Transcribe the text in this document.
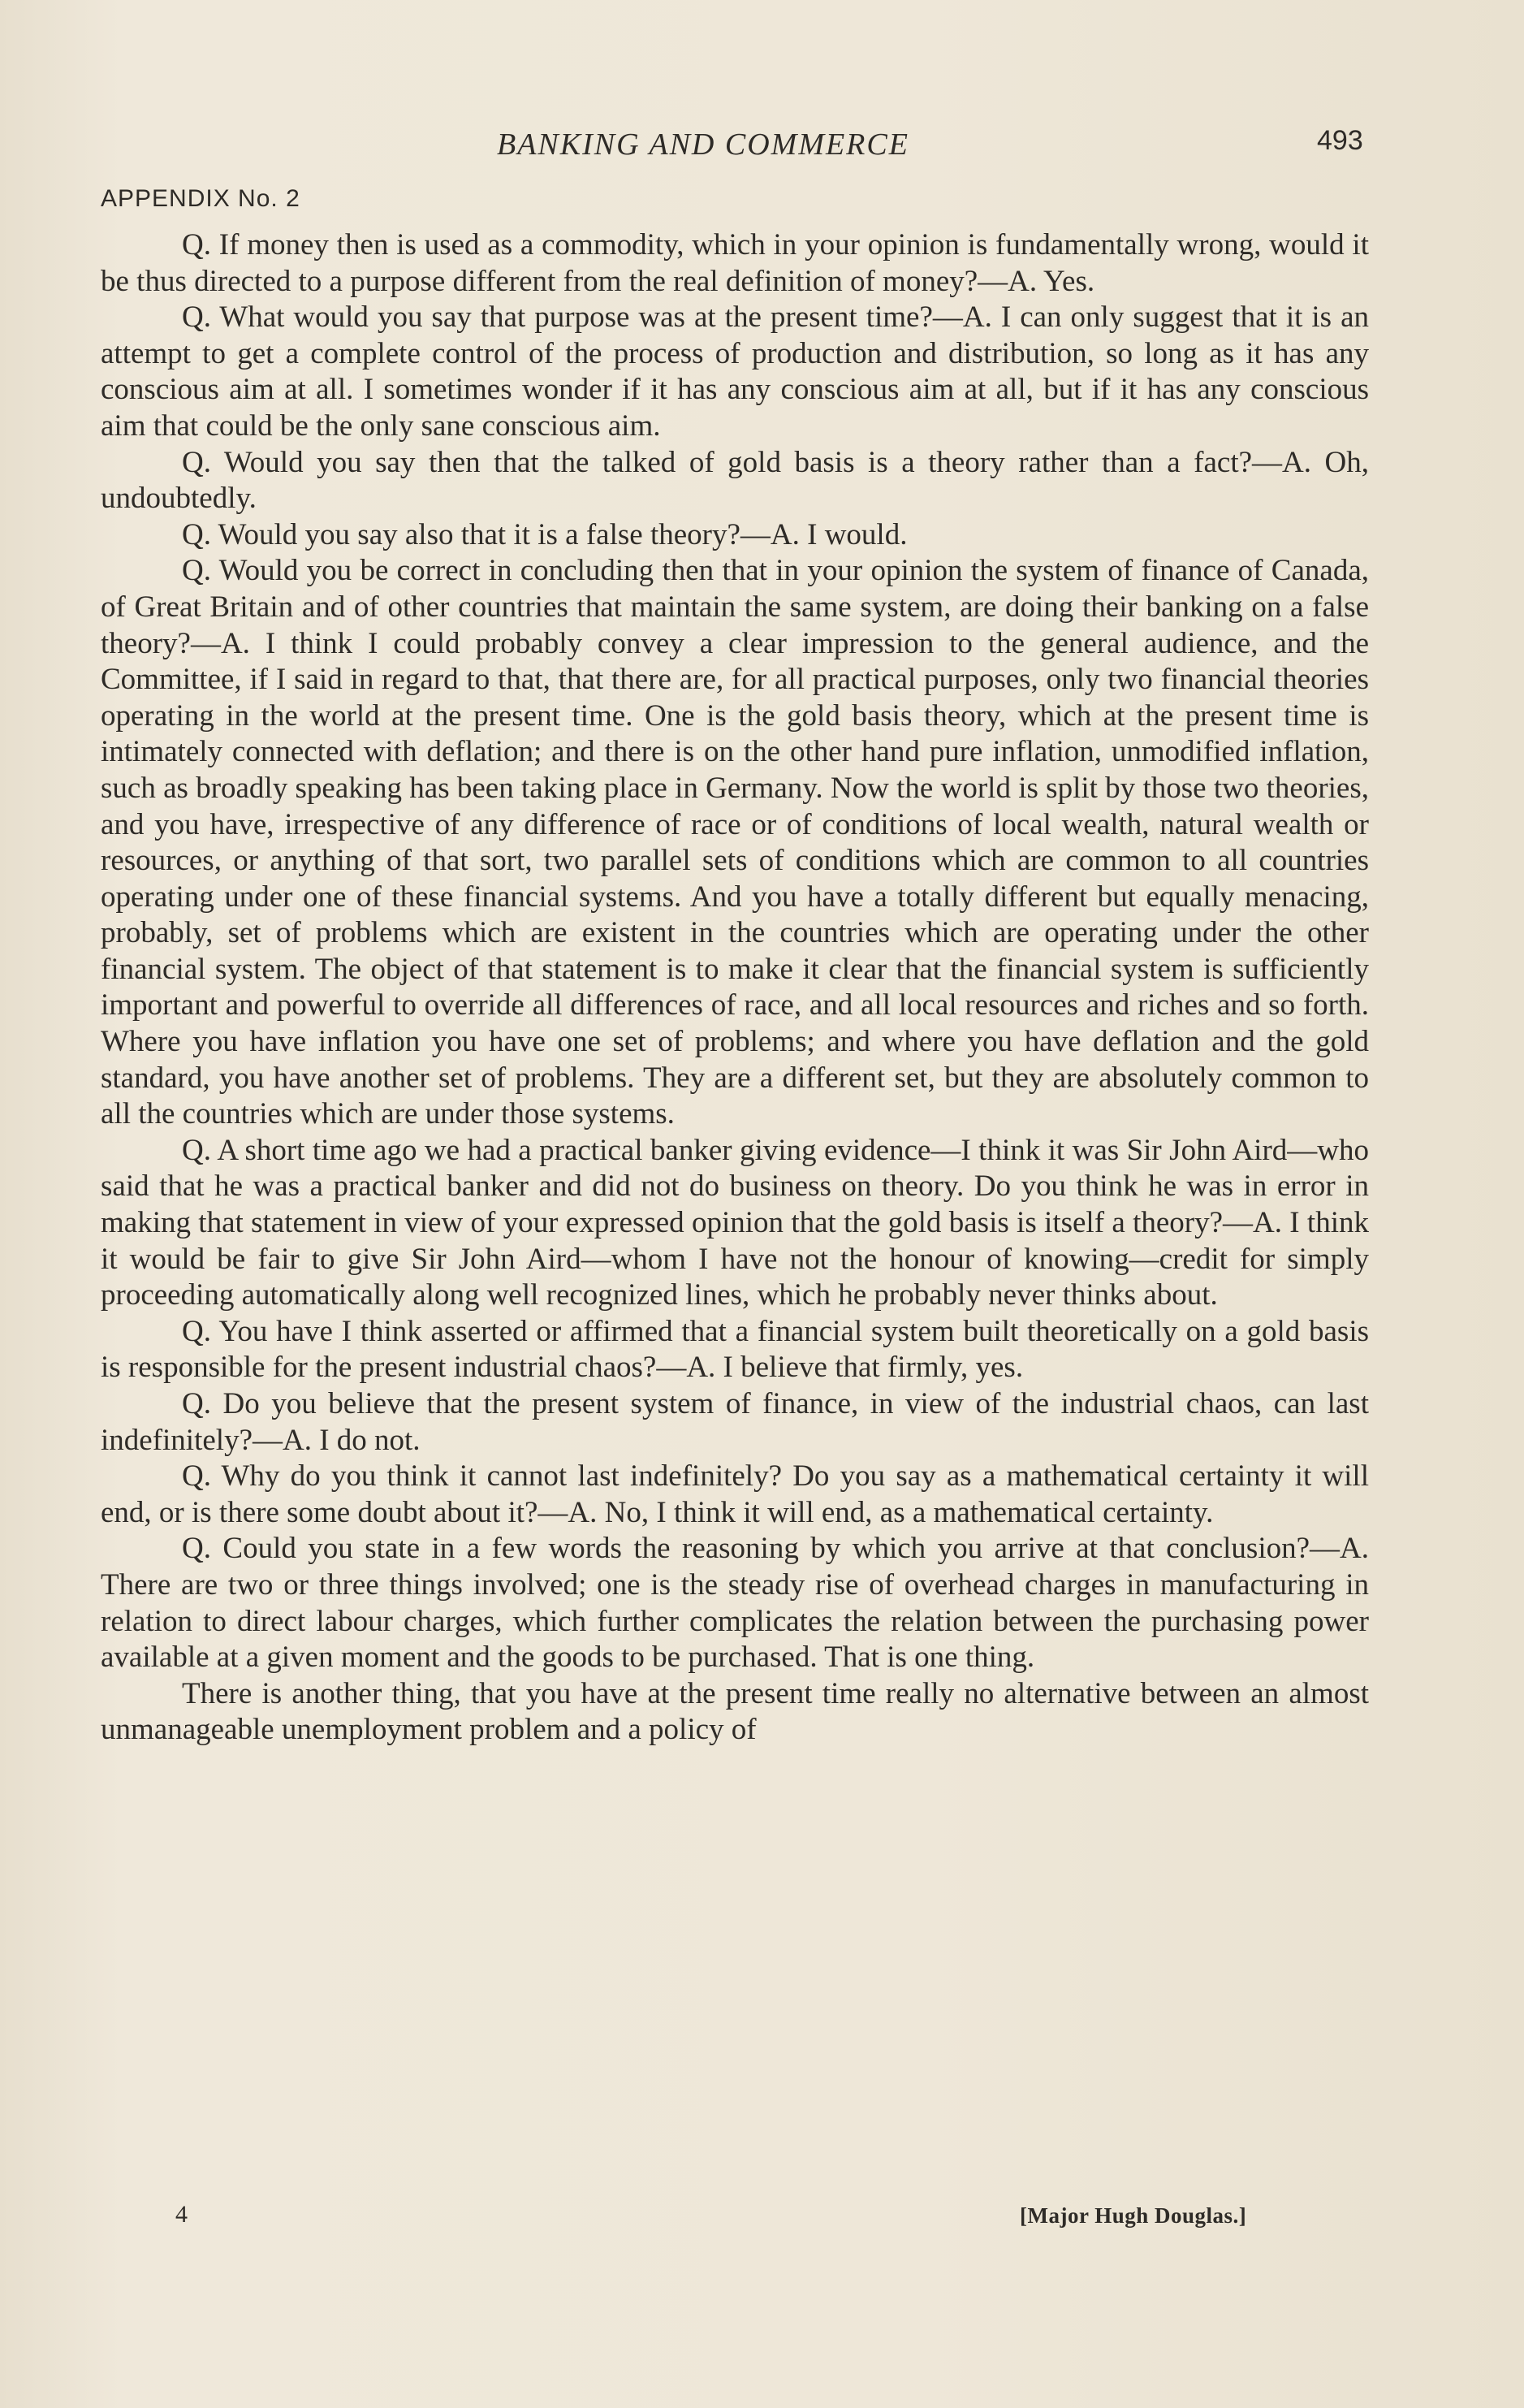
BANKING AND COMMERCE	493
APPENDIX No. 2

Q. If money then is used as a commodity, which in your opinion is fundamentally wrong, would it be thus directed to a purpose different from the real definition of money?—A. Yes.

Q. What would you say that purpose was at the present time?—A. I can only suggest that it is an attempt to get a complete control of the process of production and distribution, so long as it has any conscious aim at all. I sometimes wonder if it has any conscious aim at all, but if it has any conscious aim that could be the only sane conscious aim.

Q. Would you say then that the talked of gold basis is a theory rather than a fact?—A. Oh, undoubtedly.

Q. Would you say also that it is a false theory?—A. I would.

Q. Would you be correct in concluding then that in your opinion the system of finance of Canada, of Great Britain and of other countries that maintain the same system, are doing their banking on a false theory?—A. I think I could probably convey a clear impression to the general audience, and the Committee, if I said in regard to that, that there are, for all practical purposes, only two financial theories operating in the world at the present time. One is the gold basis theory, which at the present time is intimately connected with deflation; and there is on the other hand pure inflation, unmodified inflation, such as broadly speaking has been taking place in Germany. Now the world is split by those two theories, and you have, irrespective of any difference of race or of conditions of local wealth, natural wealth or resources, or anything of that sort, two parallel sets of conditions which are common to all countries operating under one of these financial systems. And you have a totally different but equally menacing, probably, set of problems which are existent in the countries which are operating under the other financial system. The object of that statement is to make it clear that the financial system is sufficiently important and powerful to override all differences of race, and all local resources and riches and so forth. Where you have inflation you have one set of problems; and where you have deflation and the gold standard, you have another set of problems. They are a different set, but they are absolutely common to all the countries which are under those systems.

Q. A short time ago we had a practical banker giving evidence—I think it was Sir John Aird—who said that he was a practical banker and did not do business on theory. Do you think he was in error in making that statement in view of your expressed opinion that the gold basis is itself a theory?—A. I think it would be fair to give Sir John Aird—whom I have not the honour of knowing—credit for simply proceeding automatically along well recognized lines, which he probably never thinks about.

Q. You have I think asserted or affirmed that a financial system built theoretically on a gold basis is responsible for the present industrial chaos?—A. I believe that firmly, yes.

Q. Do you believe that the present system of finance, in view of the industrial chaos, can last indefinitely?—A. I do not.

Q. Why do you think it cannot last indefinitely? Do you say as a mathematical certainty it will end, or is there some doubt about it?—A. No, I think it will end, as a mathematical certainty.

Q. Could you state in a few words the reasoning by which you arrive at that conclusion?—A. There are two or three things involved; one is the steady rise of overhead charges in manufacturing in relation to direct labour charges, which further complicates the relation between the purchasing power available at a given moment and the goods to be purchased. That is one thing.

There is another thing, that you have at the present time really no alternative between an almost unmanageable unemployment problem and a policy of

4	[Major Hugh Douglas.]
